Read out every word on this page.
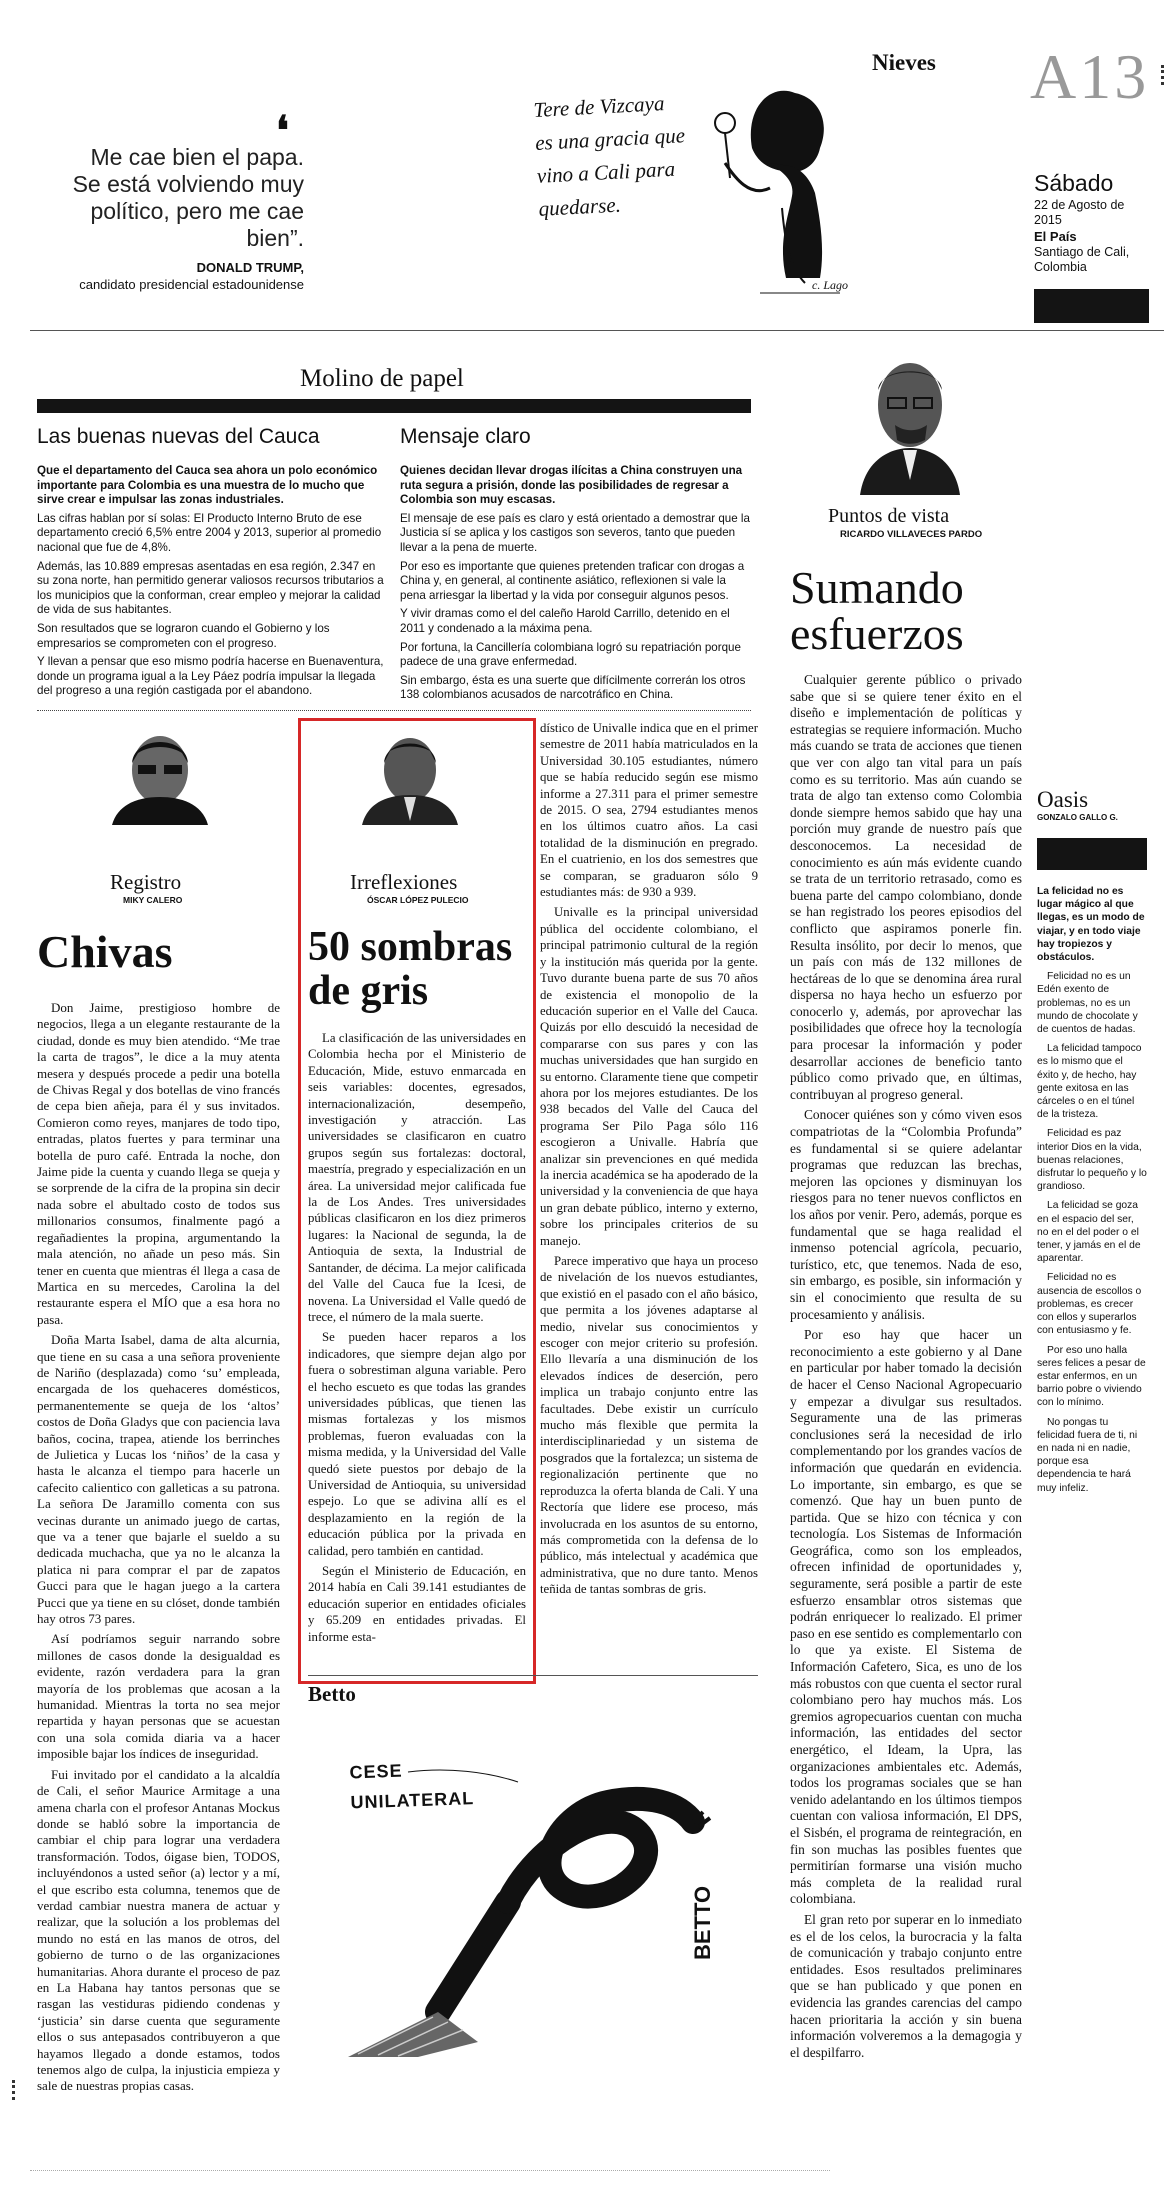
Nieves A13
❛
Me cae bien el papa. Se está volviendo muy político, pero me cae bien”.
DONALD TRUMP,
candidato presidencial estadounidense
Tere de Vizcaya es una gracia que vino a Cali para quedarse.
c. Lago
Sábado
22 de Agosto de 2015
El País
Santiago de Cali, Colombia
Molino de papel
Las buenas nuevas del Cauca

Que el departamento del Cauca sea ahora un polo económico importante para Colombia es una muestra de lo mucho que sirve crear e impulsar las zonas industriales.

Las cifras hablan por sí solas: El Producto Interno Bruto de ese departamento creció 6,5% entre 2004 y 2013, superior al promedio nacional que fue de 4,8%.

Además, las 10.889 empresas asentadas en esa región, 2.347 en su zona norte, han permitido generar valiosos recursos tributarios a los municipios que la conforman, crear empleo y mejorar la calidad de vida de sus habitantes.

Son resultados que se lograron cuando el Gobierno y los empresarios se comprometen con el progreso.

Y llevan a pensar que eso mismo podría hacerse en Buenaventura, donde un programa igual a la Ley Páez podría impulsar la llegada del progreso a una región castigada por el abandono.

Mensaje claro

Quienes decidan llevar drogas ilícitas a China construyen una ruta segura a prisión, donde las posibilidades de regresar a Colombia son muy escasas.

El mensaje de ese país es claro y está orientado a demostrar que la Justicia sí se aplica y los castigos son severos, tanto que pueden llevar a la pena de muerte.

Por eso es importante que quienes pretenden traficar con drogas a China y, en general, al continente asiático, reflexionen si vale la pena arriesgar la libertad y la vida por conseguir algunos pesos.

Y vivir dramas como el del caleño Harold Carrillo, detenido en el 2011 y condenado a la máxima pena.

Por fortuna, la Cancillería colombiana logró su repatriación porque padece de una grave enfermedad.

Sin embargo, ésta es una suerte que difícilmente correrán los otros 138 colombianos acusados de narcotráfico en China.

Puntos de vista
RICARDO VILLAVECES PARDO
Sumando esfuerzos

Cualquier gerente público o privado sabe que si se quiere tener éxito en el diseño e implementación de políticas y estrategias se requiere información. Mucho más cuando se trata de acciones que tienen que ver con algo tan vital para un país como es su territorio. Mas aún cuando se trata de algo tan extenso como Colombia donde siempre hemos sabido que hay una porción muy grande de nuestro país que desconocemos. La necesidad de conocimiento es aún más evidente cuando se trata de un territorio retrasado, como es buena parte del campo colombiano, donde se han registrado los peores episodios del conflicto que aspiramos ponerle fin. Resulta insólito, por decir lo menos, que un país con más de 132 millones de hectáreas de lo que se denomina área rural dispersa no haya hecho un esfuerzo por conocerlo y, además, por aprovechar las posibilidades que ofrece hoy la tecnología para procesar la información y poder desarrollar acciones de beneficio tanto público como privado que, en últimas, contribuyan al progreso general.

Conocer quiénes son y cómo viven esos compatriotas de la “Colombia Profunda” es fundamental si se quiere adelantar programas que reduzcan las brechas, mejoren las opciones y disminuyan los riesgos para no tener nuevos conflictos en los años por venir. Pero, además, porque es fundamental que se haga realidad el inmenso potencial agrícola, pecuario, turístico, etc, que tenemos. Nada de eso, sin embargo, es posible, sin información y sin el conocimiento que resulta de su procesamiento y análisis.

Por eso hay que hacer un reconocimiento a este gobierno y al Dane en particular por haber tomado la decisión de hacer el Censo Nacional Agropecuario y empezar a divulgar sus resultados. Seguramente una de las primeras conclusiones será la necesidad de irlo complementando por los grandes vacíos de información que quedarán en evidencia. Lo importante, sin embargo, es que se comenzó. Que hay un buen punto de partida. Que se hizo con técnica y con tecnología. Los Sistemas de Información Geográfica, como son los empleados, ofrecen infinidad de oportunidades y, seguramente, será posible a partir de este esfuerzo ensamblar otros sistemas que podrán enriquecer lo realizado. El primer paso en ese sentido es complementarlo con lo que ya existe. El Sistema de Información Cafetero, Sica, es uno de los más robustos con que cuenta el sector rural colombiano pero hay muchos más. Los gremios agropecuarios cuentan con mucha información, las entidades del sector energético, el Ideam, la Upra, las organizaciones ambientales etc. Además, todos los programas sociales que se han venido adelantando en los últimos tiempos cuentan con valiosa información, El DPS, el Sisbén, el programa de reintegración, en fin son muchas las posibles fuentes que permitirían formarse una visión mucho más completa de la realidad rural colombiana.

El gran reto por superar en lo inmediato es el de los celos, la burocracia y la falta de comunicación y trabajo conjunto entre entidades. Esos resultados preliminares que se han publicado y que ponen en evidencia las grandes carencias del campo hacen prioritaria la acción y sin buena información volveremos a la demagogia y el despilfarro.

Oasis
GONZALO GALLO G.

La felicidad no es lugar mágico al que llegas, es un modo de viajar, y en todo viaje hay tropiezos y obstáculos.

Felicidad no es un Edén exento de problemas, no es un mundo de chocolate y de cuentos de hadas.

La felicidad tampoco es lo mismo que el éxito y, de hecho, hay gente exitosa en las cárceles o en el túnel de la tristeza.

Felicidad es paz interior Dios en la vida, buenas relaciones, disfrutar lo pequeño y lo grandioso.

La felicidad se goza en el espacio del ser, no en el del poder o el tener, y jamás en el de aparentar.

Felicidad no es ausencia de escollos o problemas, es crecer con ellos y superarlos con entusiasmo y fe.

Por eso uno halla seres felices a pesar de estar enfermos, en un barrio pobre o viviendo con lo mínimo.

No pongas tu felicidad fuera de ti, ni en nada ni en nadie, porque esa dependencia te hará muy infeliz.

Registro
MIKY CALERO
Chivas

Don Jaime, prestigioso hombre de negocios, llega a un elegante restaurante de la ciudad, donde es muy bien atendido. “Me trae la carta de tragos”, le dice a la muy atenta mesera y después procede a pedir una botella de Chivas Regal y dos botellas de vino francés de cepa bien añeja, para él y sus invitados. Comieron como reyes, manjares de todo tipo, entradas, platos fuertes y para terminar una botella de puro café. Entrada la noche, don Jaime pide la cuenta y cuando llega se queja y se sorprende de la cifra de la propina sin decir nada sobre el abultado costo de todos sus millonarios consumos, finalmente pagó a regañadientes la propina, argumentando la mala atención, no añade un peso más. Sin tener en cuenta que mientras él llega a casa de Martica en su mercedes, Carolina la del restaurante espera el MÍO que a esa hora no pasa.

Doña Marta Isabel, dama de alta alcurnia, que tiene en su casa a una señora proveniente de Nariño (desplazada) como ‘su’ empleada, encargada de los quehaceres domésticos, permanentemente se queja de los ‘altos’ costos de Doña Gladys que con paciencia lava baños, cocina, trapea, atiende los berrinches de Julietica y Lucas los ‘niños’ de la casa y hasta le alcanza el tiempo para hacerle un cafecito calientico con galleticas a su patrona. La señora De Jaramillo comenta con sus vecinas durante un animado juego de cartas, que va a tener que bajarle el sueldo a su dedicada muchacha, que ya no le alcanza la platica ni para comprar el par de zapatos Gucci para que le hagan juego a la cartera Pucci que ya tiene en su clóset, donde también hay otros 73 pares.

Así podríamos seguir narrando sobre millones de casos donde la desigualdad es evidente, razón verdadera para la gran mayoría de los problemas que acosan a la humanidad. Mientras la torta no sea mejor repartida y hayan personas que se acuestan con una sola comida diaria va a hacer imposible bajar los índices de inseguridad.

Fui invitado por el candidato a la alcaldía de Cali, el señor Maurice Armitage a una amena charla con el profesor Antanas Mockus donde se habló sobre la importancia de cambiar el chip para lograr una verdadera transformación. Todos, óigase bien, TODOS, incluyéndonos a usted señor (a) lector y a mí, el que escribo esta columna, tenemos que de verdad cambiar nuestra manera de actuar y realizar, que la solución a los problemas del mundo no está en las manos de otros, del gobierno de turno o de las organizaciones humanitarias. Ahora durante el proceso de paz en La Habana hay tantos personas que se rasgan las vestiduras pidiendo condenas y ‘justicia’ sin darse cuenta que seguramente ellos o sus antepasados contribuyeron a que hayamos llegado a donde estamos, todos tenemos algo de culpa, la injusticia empieza y sale de nuestras propias casas.

Irreflexiones
ÓSCAR LÓPEZ PULECIO
50 sombras de gris

La clasificación de las universidades en Colombia hecha por el Ministerio de Educación, Mide, estuvo enmarcada en seis variables: docentes, egresados, internacionalización, desempeño, investigación y atracción. Las universidades se clasificaron en cuatro grupos según sus fortalezas: doctoral, maestría, pregrado y especialización en un área. La universidad mejor calificada fue la de Los Andes. Tres universidades públicas clasificaron en los diez primeros lugares: la Nacional de segunda, la de Antioquia de sexta, la Industrial de Santander, de décima. La mejor calificada del Valle del Cauca fue la Icesi, de novena. La Universidad el Valle quedó de trece, el número de la mala suerte.

Se pueden hacer reparos a los indicadores, que siempre dejan algo por fuera o sobrestiman alguna variable. Pero el hecho escueto es que todas las grandes universidades públicas, que tienen las mismas fortalezas y los mismos problemas, fueron evaluadas con la misma medida, y la Universidad del Valle quedó siete puestos por debajo de la Universidad de Antioquia, su universidad espejo. Lo que se adivina allí es el desplazamiento en la región de la educación pública por la privada en calidad, pero también en cantidad.

Según el Ministerio de Educación, en 2014 había en Cali 39.141 estudiantes de educación superior en entidades oficiales y 65.209 en entidades privadas. El informe esta-

dístico de Univalle indica que en el primer semestre de 2011 había matriculados en la Universidad 30.105 estudiantes, número que se había reducido según ese mismo informe a 27.311 para el primer semestre de 2015. O sea, 2794 estudiantes menos en los últimos cuatro años. La casi totalidad de la disminución en pregrado. En el cuatrienio, en los dos semestres que se comparan, se graduaron sólo 9 estudiantes más: de 930 a 939.

Univalle es la principal universidad pública del occidente colombiano, el principal patrimonio cultural de la región y la institución más querida por la gente. Tuvo durante buena parte de sus 70 años de existencia el monopolio de la educación superior en el Valle del Cauca. Quizás por ello descuidó la necesidad de compararse con sus pares y con las muchas universidades que han surgido en su entorno. Claramente tiene que competir ahora por los mejores estudiantes. De los 938 becados del Valle del Cauca del programa Ser Pilo Paga sólo 116 escogieron a Univalle. Habría que analizar sin prevenciones en qué medida la inercia académica se ha apoderado de la universidad y la conveniencia de que haya un gran debate público, interno y externo, sobre los principales criterios de su manejo.

Parece imperativo que haya un proceso de nivelación de los nuevos estudiantes, que existió en el pasado con el año básico, que permita a los jóvenes adaptarse al medio, nivelar sus conocimientos y escoger con mejor criterio su profesión. Ello llevaría a una disminución de los elevados índices de deserción, pero implica un trabajo conjunto entre las facultades. Debe existir un currículo mucho más flexible que permita la interdisciplinariedad y un sistema de posgrados que la fortalezca; un sistema de regionalización pertinente que no reproduzca la oferta blanda de Cali. Y una Rectoría que lidere ese proceso, más involucrada en los asuntos de su entorno, más comprometida con la defensa de lo público, más intelectual y académica que administrativa, que no dure tanto. Menos teñida de tantas sombras de gris.

Betto
CESE UNILATERAL
BETTO
